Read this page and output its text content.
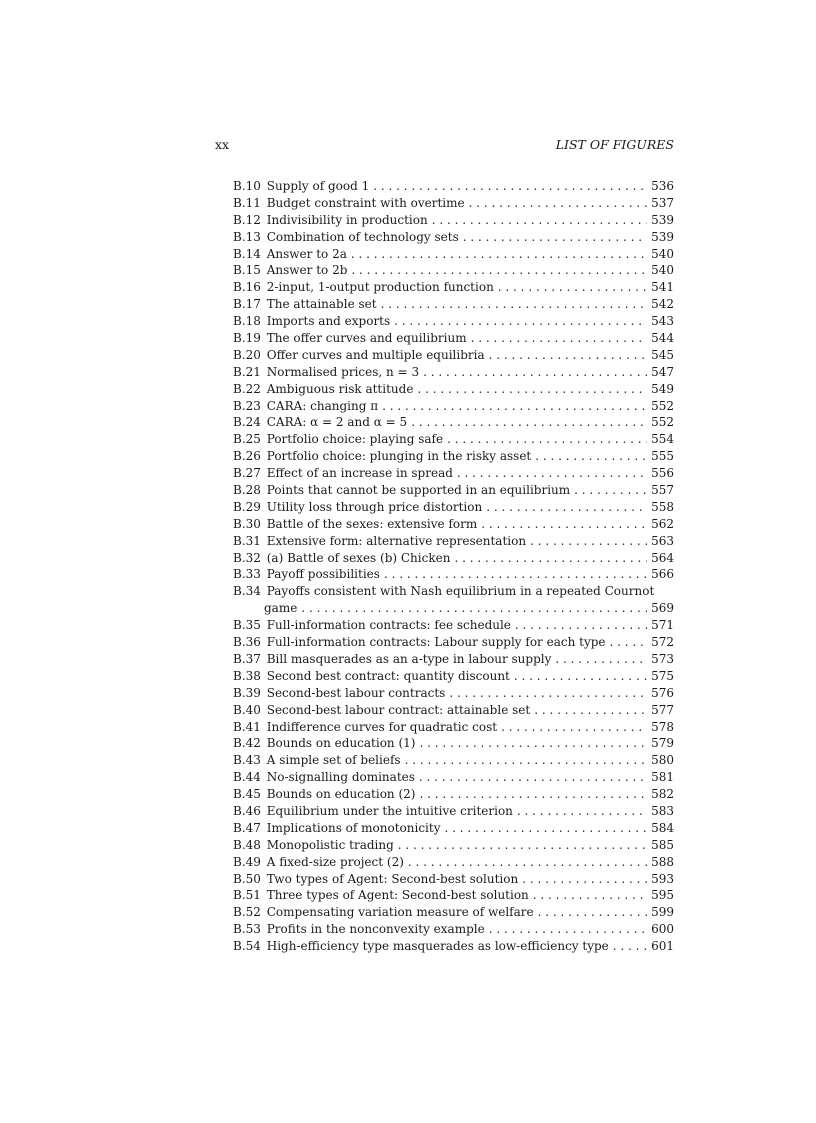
xx	LIST OF FIGURES
B.10 Supply of good 1 . . .	536
B.11 Budget constraint with overtime . . .	537
B.12 Indivisibility in production . . .	539
B.13 Combination of technology sets . . .	539
B.14 Answer to 2a . . .	540
B.15 Answer to 2b . . .	540
B.16 2-input, 1-output production function . . .	541
B.17 The attainable set . . .	542
B.18 Imports and exports . . .	543
B.19 The offer curves and equilibrium . . .	544
B.20 Offer curves and multiple equilibria . . .	545
B.21 Normalised prices, n = 3 . . .	547
B.22 Ambiguous risk attitude . . .	549
B.23 CARA: changing π . . .	552
B.24 CARA: α = 2 and α = 5 . . .	552
B.25 Portfolio choice: playing safe . . .	554
B.26 Portfolio choice: plunging in the risky asset . . .	555
B.27 Effect of an increase in spread . . .	556
B.28 Points that cannot be supported in an equilibrium . . .	557
B.29 Utility loss through price distortion . . .	558
B.30 Battle of the sexes: extensive form . . .	562
B.31 Extensive form: alternative representation . . .	563
B.32 (a) Battle of sexes (b) Chicken . . .	564
B.33 Payoff possibilities . . .	566
B.34 Payoffs consistent with Nash equilibrium in a repeated Cournot
game . . .	569
B.35 Full-information contracts: fee schedule . . .	571
B.36 Full-information contracts: Labour supply for each type . . .	572
B.37 Bill masquerades as an a-type in labour supply . . .	573
B.38 Second best contract: quantity discount . . .	575
B.39 Second-best labour contracts . . .	576
B.40 Second-best labour contract: attainable set . . .	577
B.41 Indifference curves for quadratic cost . . .	578
B.42 Bounds on education (1) . . .	579
B.43 A simple set of beliefs . . .	580
B.44 No-signalling dominates . . .	581
B.45 Bounds on education (2) . . .	582
B.46 Equilibrium under the intuitive criterion . . .	583
B.47 Implications of monotonicity . . .	584
B.48 Monopolistic trading . . .	585
B.49 A fixed-size project (2) . . .	588
B.50 Two types of Agent: Second-best solution . . .	593
B.51 Three types of Agent: Second-best solution . . .	595
B.52 Compensating variation measure of welfare . . .	599
B.53 Profits in the nonconvexity example . . .	600
B.54 High-efficiency type masquerades as low-efficiency type . . .	601
